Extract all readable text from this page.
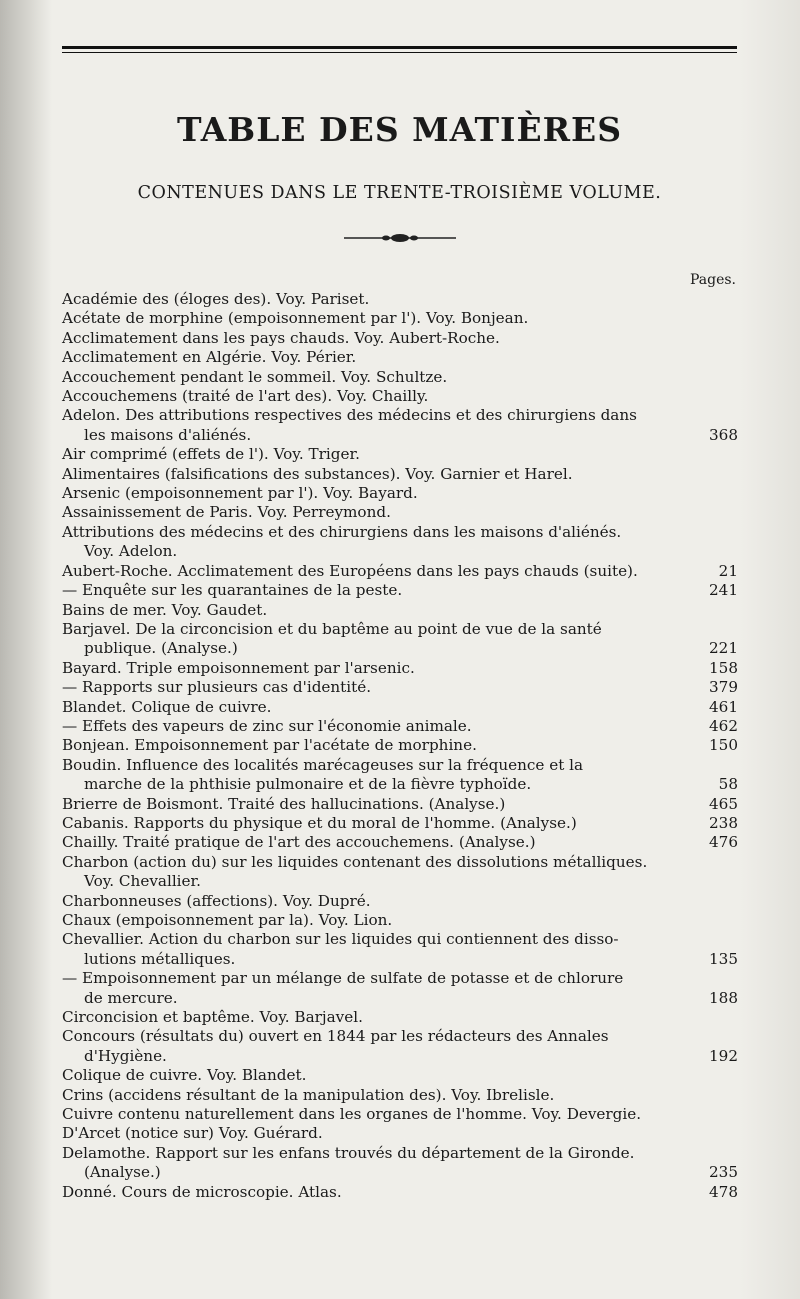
TABLE DES MATIÈRES
CONTENUES DANS LE TRENTE-TROISIÈME VOLUME.
Pages.
Académie des (éloges des). Voy. Pariset.
Acétate de morphine (empoisonnement par l'). Voy. Bonjean.
Acclimatement dans les pays chauds. Voy. Aubert-Roche.
Acclimatement en Algérie. Voy. Périer.
Accouchement pendant le sommeil. Voy. Schultze.
Accouchemens (traité de l'art des). Voy. Chailly.
Adelon. Des attributions respectives des médecins et des chirurgiens dans
les maisons d'aliénés.	368
Air comprimé (effets de l'). Voy. Triger.
Alimentaires (falsifications des substances). Voy. Garnier et Harel.
Arsenic (empoisonnement par l'). Voy. Bayard.
Assainissement de Paris. Voy. Perreymond.
Attributions des médecins et des chirurgiens dans les maisons d'aliénés.
Voy. Adelon.
Aubert-Roche. Acclimatement des Européens dans les pays chauds (suite).	21
— Enquête sur les quarantaines de la peste.	241
Bains de mer. Voy. Gaudet.
Barjavel. De la circoncision et du baptême au point de vue de la santé
publique. (Analyse.)	221
Bayard. Triple empoisonnement par l'arsenic.	158
— Rapports sur plusieurs cas d'identité.	379
Blandet. Colique de cuivre.	461
— Effets des vapeurs de zinc sur l'économie animale.	462
Bonjean. Empoisonnement par l'acétate de morphine.	150
Boudin. Influence des localités marécageuses sur la fréquence et la
marche de la phthisie pulmonaire et de la fièvre typhoïde.	58
Brierre de Boismont. Traité des hallucinations. (Analyse.)	465
Cabanis. Rapports du physique et du moral de l'homme. (Analyse.)	238
Chailly. Traité pratique de l'art des accouchemens. (Analyse.)	476
Charbon (action du) sur les liquides contenant des dissolutions métalliques.
Voy. Chevallier.
Charbonneuses (affections). Voy. Dupré.
Chaux (empoisonnement par la). Voy. Lion.
Chevallier. Action du charbon sur les liquides qui contiennent des disso-
lutions métalliques.	135
— Empoisonnement par un mélange de sulfate de potasse et de chlorure
de mercure.	188
Circoncision et baptême. Voy. Barjavel.
Concours (résultats du) ouvert en 1844 par les rédacteurs des Annales
d'Hygiène.	192
Colique de cuivre. Voy. Blandet.
Crins (accidens résultant de la manipulation des). Voy. Ibrelisle.
Cuivre contenu naturellement dans les organes de l'homme. Voy. Devergie.
D'Arcet (notice sur) Voy. Guérard.
Delamothe. Rapport sur les enfans trouvés du département de la Gironde.
(Analyse.)	235
Donné. Cours de microscopie. Atlas.	478
